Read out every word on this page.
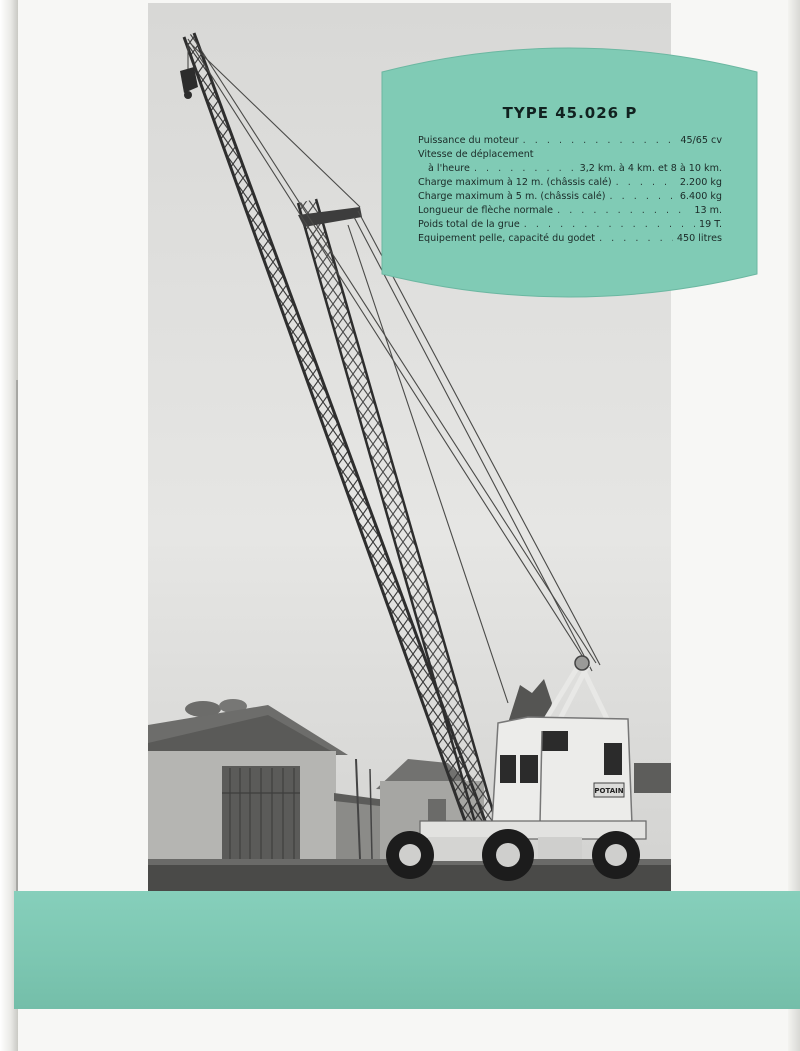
POTAIN
TYPE 45.026 P
Puissance du moteur . . .	45/65 cv
Vitesse de déplacement
à l'heure . . .	3,2 km. à 4 km. et 8 à 10 km.
Charge maximum à 12 m. (châssis calé) . . .	2.200 kg
Charge maximum à 5 m. (châssis calé) . . .	6.400 kg
Longueur de flèche normale . . .	13 m.
Poids total de la grue . . .	19 T.
Equipement pelle, capacité du godet . . .	450 litres
